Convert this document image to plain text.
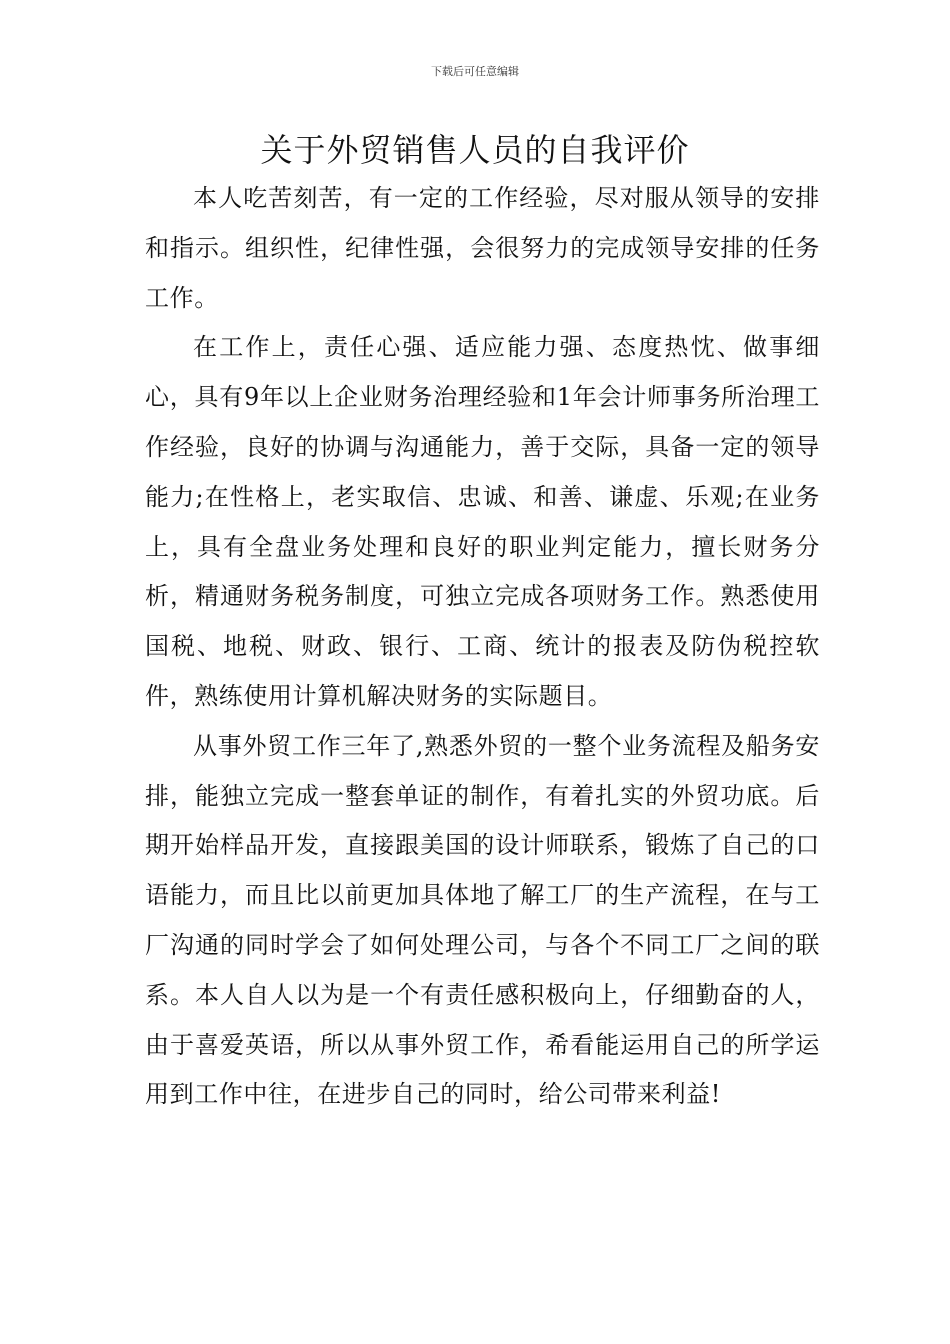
下载后可任意编辑
关于外贸销售人员的自我评价

本人吃苦刻苦，有一定的工作经验，尽对服从领导的安排和指示。组织性，纪律性强，会很努力的完成领导安排的任务工作。

在工作上，责任心强、适应能力强、态度热忱、做事细心，具有9年以上企业财务治理经验和1年会计师事务所治理工作经验，良好的协调与沟通能力，善于交际，具备一定的领导能力;在性格上，老实取信、忠诚、和善、谦虚、乐观;在业务上，具有全盘业务处理和良好的职业判定能力，擅长财务分析，精通财务税务制度，可独立完成各项财务工作。熟悉使用国税、地税、财政、银行、工商、统计的报表及防伪税控软件，熟练使用计算机解决财务的实际题目。

从事外贸工作三年了,熟悉外贸的一整个业务流程及船务安排，能独立完成一整套单证的制作，有着扎实的外贸功底。后期开始样品开发，直接跟美国的设计师联系，锻炼了自己的口语能力，而且比以前更加具体地了解工厂的生产流程，在与工厂沟通的同时学会了如何处理公司，与各个不同工厂之间的联系。本人自人以为是一个有责任感积极向上，仔细勤奋的人，由于喜爱英语，所以从事外贸工作，希看能运用自己的所学运用到工作中往，在进步自己的同时，给公司带来利益!
